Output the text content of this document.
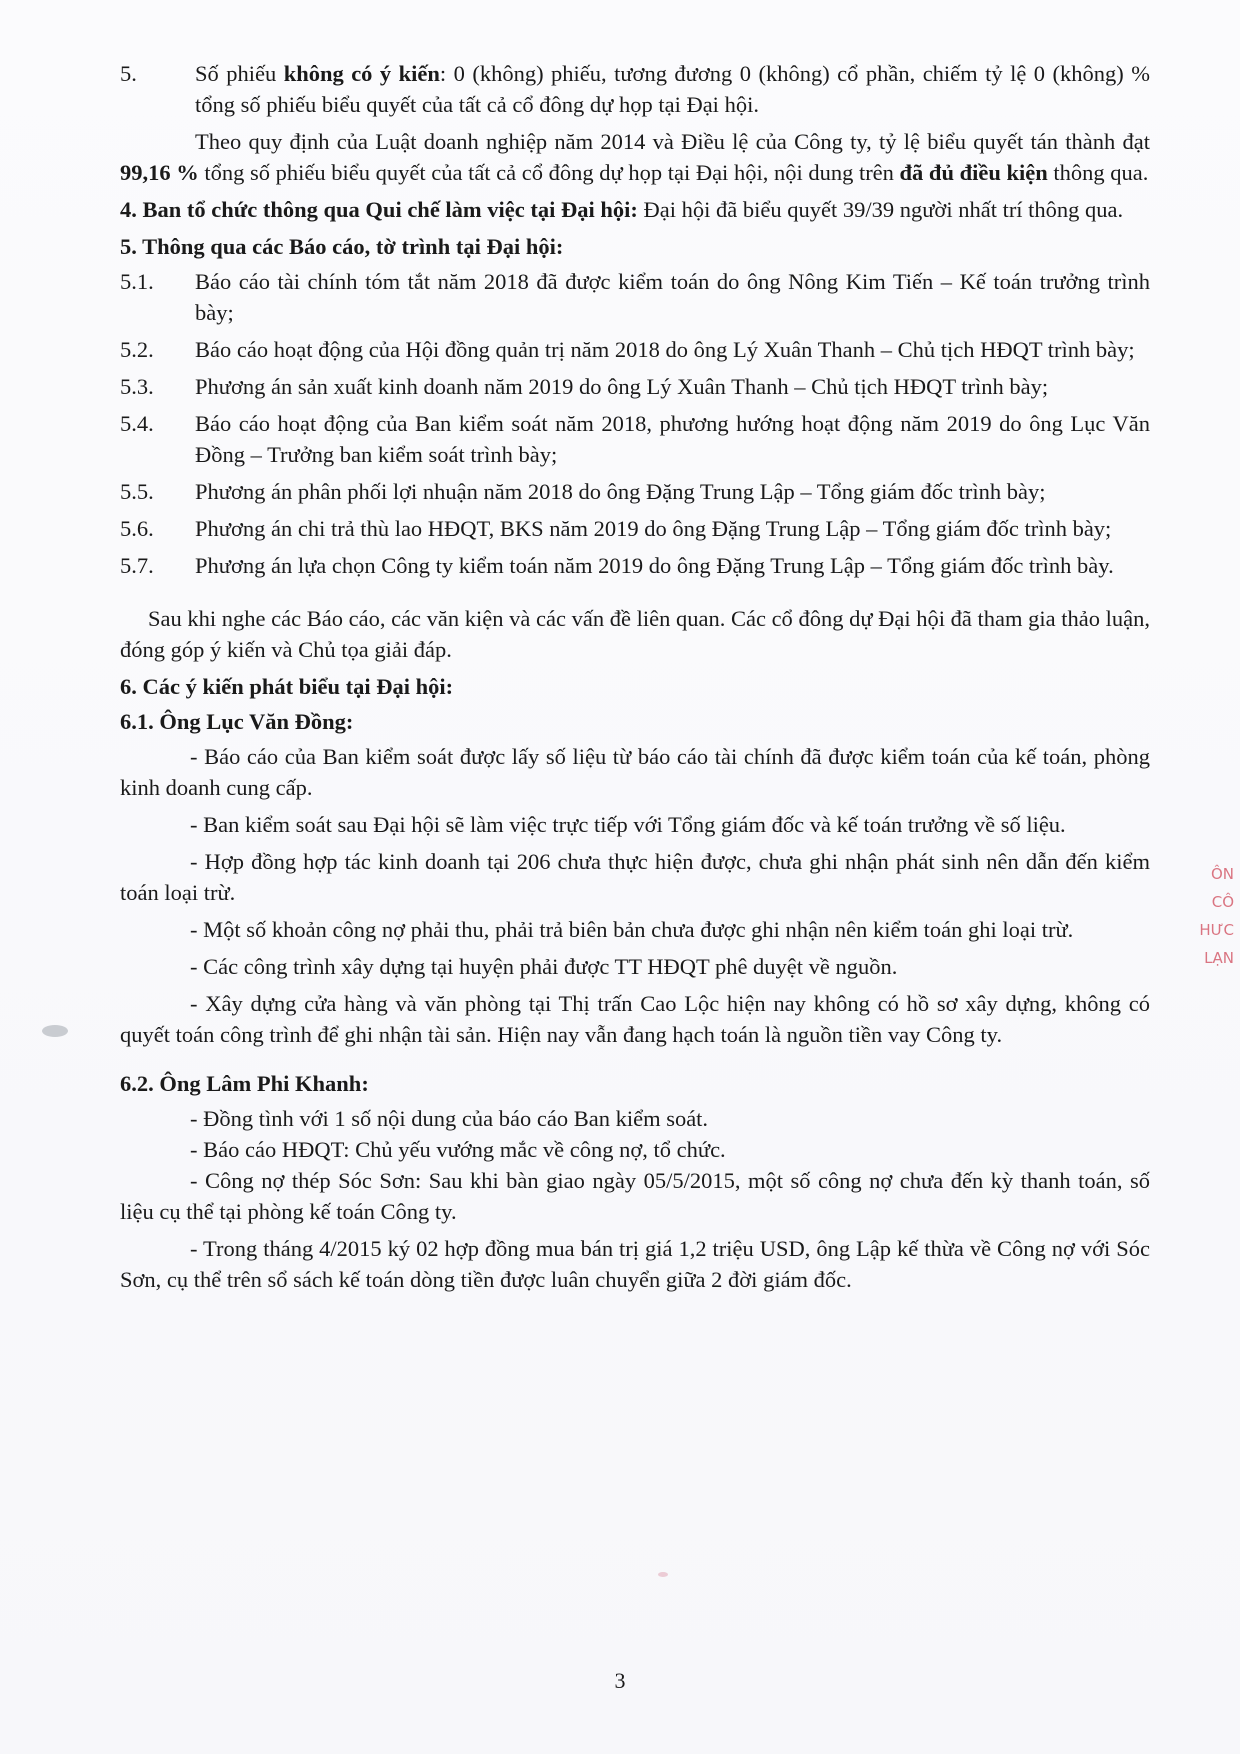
5.	Số phiếu không có ý kiến: 0 (không) phiếu, tương đương 0 (không) cổ phần, chiếm tỷ lệ 0 (không) % tổng số phiếu biểu quyết của tất cả cổ đông dự họp tại Đại hội.

Theo quy định của Luật doanh nghiệp năm 2014 và Điều lệ của Công ty, tỷ lệ biểu quyết tán thành đạt 99,16 % tổng số phiếu biểu quyết của tất cả cổ đông dự họp tại Đại hội, nội dung trên đã đủ điều kiện thông qua.

4. Ban tổ chức thông qua Qui chế làm việc tại Đại hội: Đại hội đã biểu quyết 39/39 người nhất trí thông qua.

5. Thông qua các Báo cáo, tờ trình tại Đại hội:

5.1.	Báo cáo tài chính tóm tắt năm 2018 đã được kiểm toán do ông Nông Kim Tiến – Kế toán trưởng trình bày;
5.2.	Báo cáo hoạt động của Hội đồng quản trị năm 2018 do ông Lý Xuân Thanh – Chủ tịch HĐQT trình bày;
5.3.	Phương án sản xuất kinh doanh năm 2019 do ông Lý Xuân Thanh – Chủ tịch HĐQT trình bày;
5.4.	Báo cáo hoạt động của Ban kiểm soát năm 2018, phương hướng hoạt động năm 2019 do ông Lục Văn Đồng – Trưởng ban kiểm soát trình bày;
5.5.	Phương án phân phối lợi nhuận năm 2018 do ông Đặng Trung Lập – Tổng giám đốc trình bày;
5.6.	Phương án chi trả thù lao HĐQT, BKS năm 2019 do ông Đặng Trung Lập – Tổng giám đốc trình bày;
5.7.	Phương án lựa chọn Công ty kiểm toán năm 2019 do ông Đặng Trung Lập – Tổng giám đốc trình bày.

Sau khi nghe các Báo cáo, các văn kiện và các vấn đề liên quan. Các cổ đông dự Đại hội đã tham gia thảo luận, đóng góp ý kiến và Chủ tọa giải đáp.

6. Các ý kiến phát biểu tại Đại hội:

6.1. Ông Lục Văn Đồng:

- Báo cáo của Ban kiểm soát được lấy số liệu từ báo cáo tài chính đã được kiểm toán của kế toán, phòng kinh doanh cung cấp.

- Ban kiểm soát sau Đại hội sẽ làm việc trực tiếp với Tổng giám đốc và kế toán trưởng về số liệu.

- Hợp đồng hợp tác kinh doanh tại 206 chưa thực hiện được, chưa ghi nhận phát sinh nên dẫn đến kiểm toán loại trừ.

- Một số khoản công nợ phải thu, phải trả biên bản chưa được ghi nhận nên kiểm toán ghi loại trừ.

- Các công trình xây dựng tại huyện phải được TT HĐQT phê duyệt về nguồn.

- Xây dựng cửa hàng và văn phòng tại Thị trấn Cao Lộc hiện nay không có hồ sơ xây dựng, không có quyết toán công trình để ghi nhận tài sản. Hiện nay vẫn đang hạch toán là nguồn tiền vay Công ty.

6.2. Ông Lâm Phi Khanh:

- Đồng tình với 1 số nội dung của báo cáo Ban kiểm soát.

- Báo cáo HĐQT: Chủ yếu vướng mắc về công nợ, tổ chức.

- Công nợ thép Sóc Sơn: Sau khi bàn giao ngày 05/5/2015, một số công nợ chưa đến kỳ thanh toán, số liệu cụ thể tại phòng kế toán Công ty.

- Trong tháng 4/2015 ký 02 hợp đồng mua bán trị giá 1,2 triệu USD, ông Lập kế thừa về Công nợ với Sóc Sơn, cụ thể trên sổ sách kế toán dòng tiền được luân chuyển giữa 2 đời giám đốc.

3
ÔN
CÔ
HƯC
LẠN
